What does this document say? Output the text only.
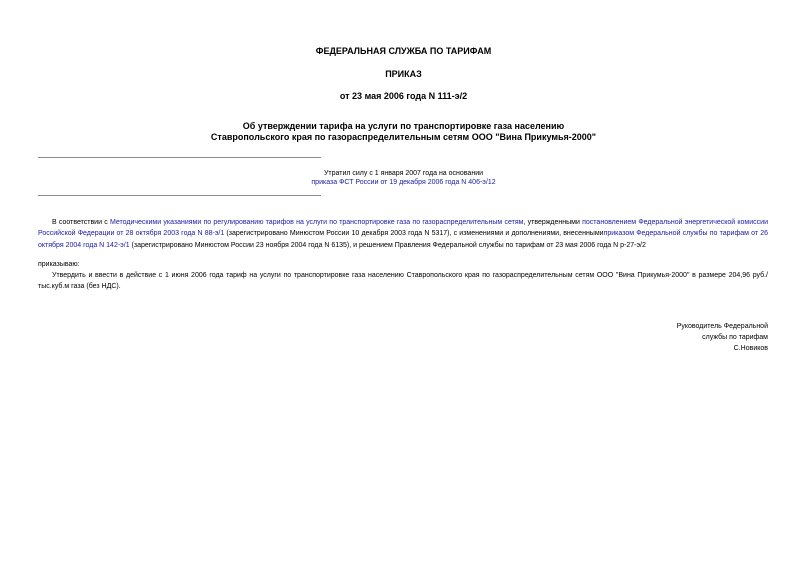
ФЕДЕРАЛЬНАЯ СЛУЖБА ПО ТАРИФАМ
ПРИКАЗ
от 23 мая 2006 года N 111-э/2
Об утверждении тарифа на услуги по транспортировке газа населению
Ставропольского края по газораспределительным сетям ООО "Вина Прикумья-2000"
Утратил силу с 1 января 2007 года на основании
приказа ФСТ России от 19 декабря 2006 года N 406-э/12
В соответствии с Методическими указаниями по регулированию тарифов на услуги по транспортировке газа по газораспределительным сетям, утвержденными постановлением Федеральной энергетической комиссии Российской Федерации от 28 октября 2003 года N 88-э/1 (зарегистрировано Минюстом России 10 декабря 2003 года N 5317), с изменениями и дополнениями, внесеннымиприказом Федеральной службы по тарифам от 26 октября 2004 года N 142-э/1 (зарегистрировано Минюстом России 23 ноября 2004 года N 6135), и решением Правления Федеральной службы по тарифам от 23 мая 2006 года N р-27-э/2
приказываю:
Утвердить и ввести в действие с 1 июня 2006 года тариф на услуги по транспортировке газа населению Ставропольского края по газораспределительным сетям ООО "Вина Прикумья-2000" в размере 204,96 руб./тыс.куб.м газа (без НДС).
Руководитель Федеральной
службы по тарифам
С.Новиков
